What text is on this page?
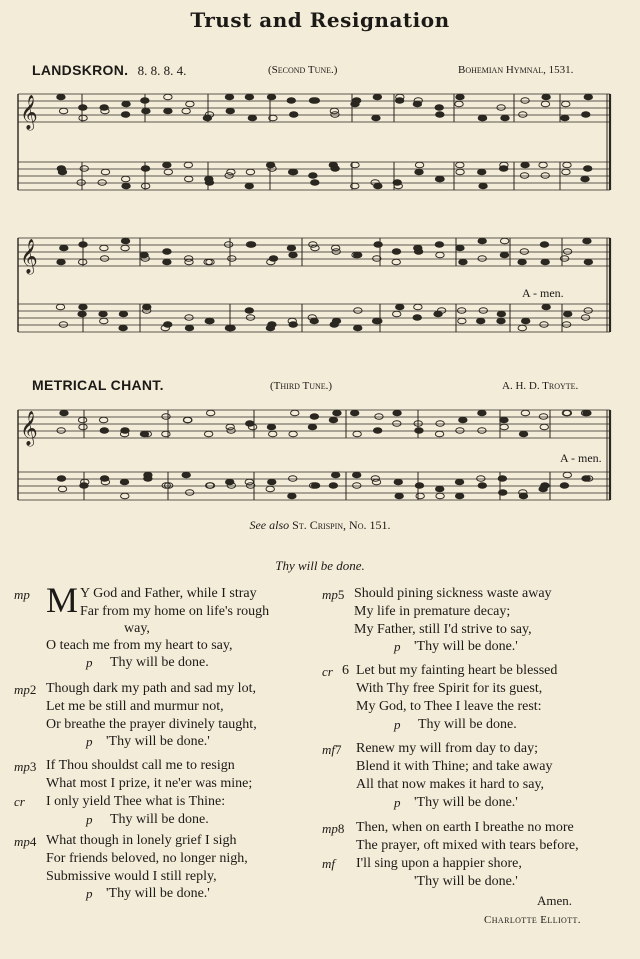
Trust and Resignation
LANDSKRON. 8. 8. 8. 4.	(Second Tune.)	Bohemian Hymnal, 1531.
𝄞
𝄞
𝄞
A - men.
METRICAL CHANT.	(Third Tune.)	A. H. D. Troyte.
A - men.
See also St. Crispin, No. 151.
Thy will be done.
mp M Y God and Father, while I stray
Far from my home on life's rough
way,
O teach me from my heart to say,
p Thy will be done.
mp2 Though dark my path and sad my lot,
Let me be still and murmur not,
Or breathe the prayer divinely taught,
p 'Thy will be done.'
mp3 If Thou shouldst call me to resign
What most I prize, it ne'er was mine;
cr I only yield Thee what is Thine:
p Thy will be done.
mp4 What though in lonely grief I sigh
For friends beloved, no longer nigh,
Submissive would I still reply,
p 'Thy will be done.'
mp5 Should pining sickness waste away
My life in premature decay;
My Father, still I'd strive to say,
p 'Thy will be done.'
cr 6 Let but my fainting heart be blessed
With Thy free Spirit for its guest,
My God, to Thee I leave the rest:
p Thy will be done.
mf7 Renew my will from day to day;
Blend it with Thine; and take away
All that now makes it hard to say,
p 'Thy will be done.'
mp8 Then, when on earth I breathe no more
The prayer, oft mixed with tears before,
mf I'll sing upon a happier shore,
'Thy will be done.'
Amen.
Charlotte Elliott.
